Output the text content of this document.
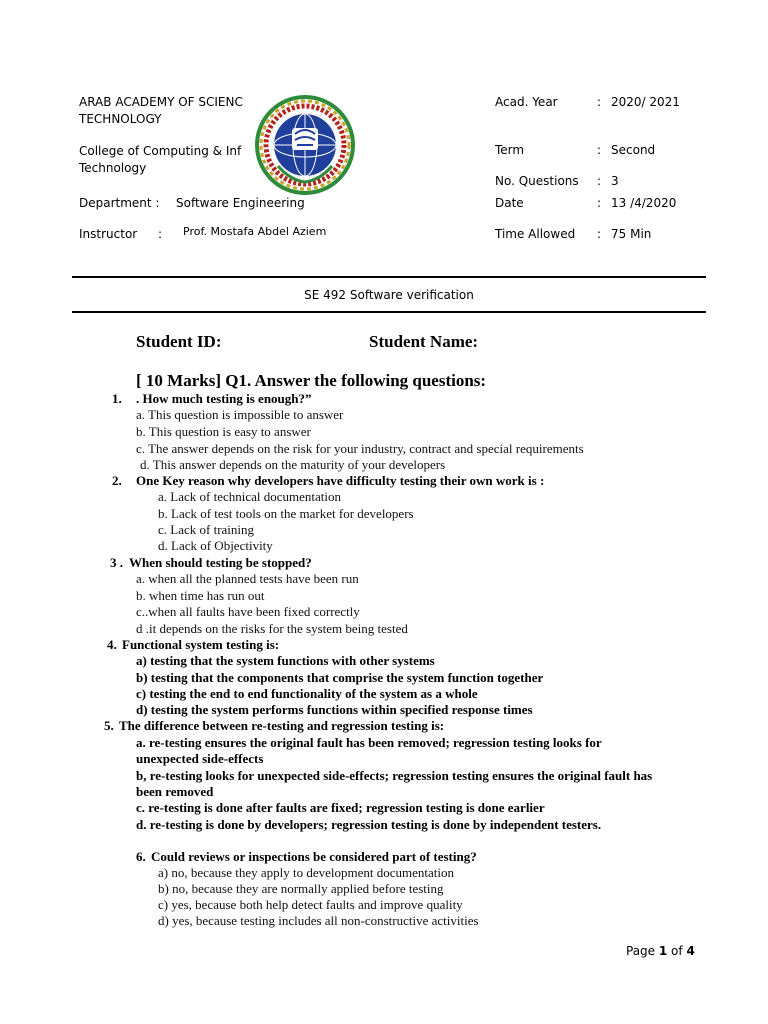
ARAB ACADEMY OF SCIENC
TECHNOLOGY
College of Computing & Inf
Technology
Department : Software Engineering
Instructor : Prof. Mostafa Abdel Aziem
Acad. Year	: 2020/ 2021
Term	: Second
No. Questions : 3
Date	: 13 /4/2020
Time Allowed : 75 Min
SE 492 Software verification
Student ID:	Student Name:
[ 10 Marks] Q1. Answer the following questions:
1. . How much testing is enough?”
a. This question is impossible to answer
b. This question is easy to answer
c. The answer depends on the risk for your industry, contract and special requirements
d. This answer depends on the maturity of your developers
2. One Key reason why developers have difficulty testing their own work is :
a. Lack of technical documentation
b. Lack of test tools on the market for developers
c. Lack of training
d. Lack of Objectivity
3 . When should testing be stopped?
a. when all the planned tests have been run
b. when time has run out
c..when all faults have been fixed correctly
d .it depends on the risks for the system being tested
4. Functional system testing is:
a) testing that the system functions with other systems
b) testing that the components that comprise the system function together
c) testing the end to end functionality of the system as a whole
d) testing the system performs functions within specified response times
5. The difference between re-testing and regression testing is:
a. re-testing ensures the original fault has been removed; regression testing looks for
unexpected side-effects
b, re-testing looks for unexpected side-effects; regression testing ensures the original fault has
been removed
c. re-testing is done after faults are fixed; regression testing is done earlier
d. re-testing is done by developers; regression testing is done by independent testers.
6. Could reviews or inspections be considered part of testing?
a) no, because they apply to development documentation
b) no, because they are normally applied before testing
c) yes, because both help detect faults and improve quality
d) yes, because testing includes all non-constructive activities
Page 1 of 4
